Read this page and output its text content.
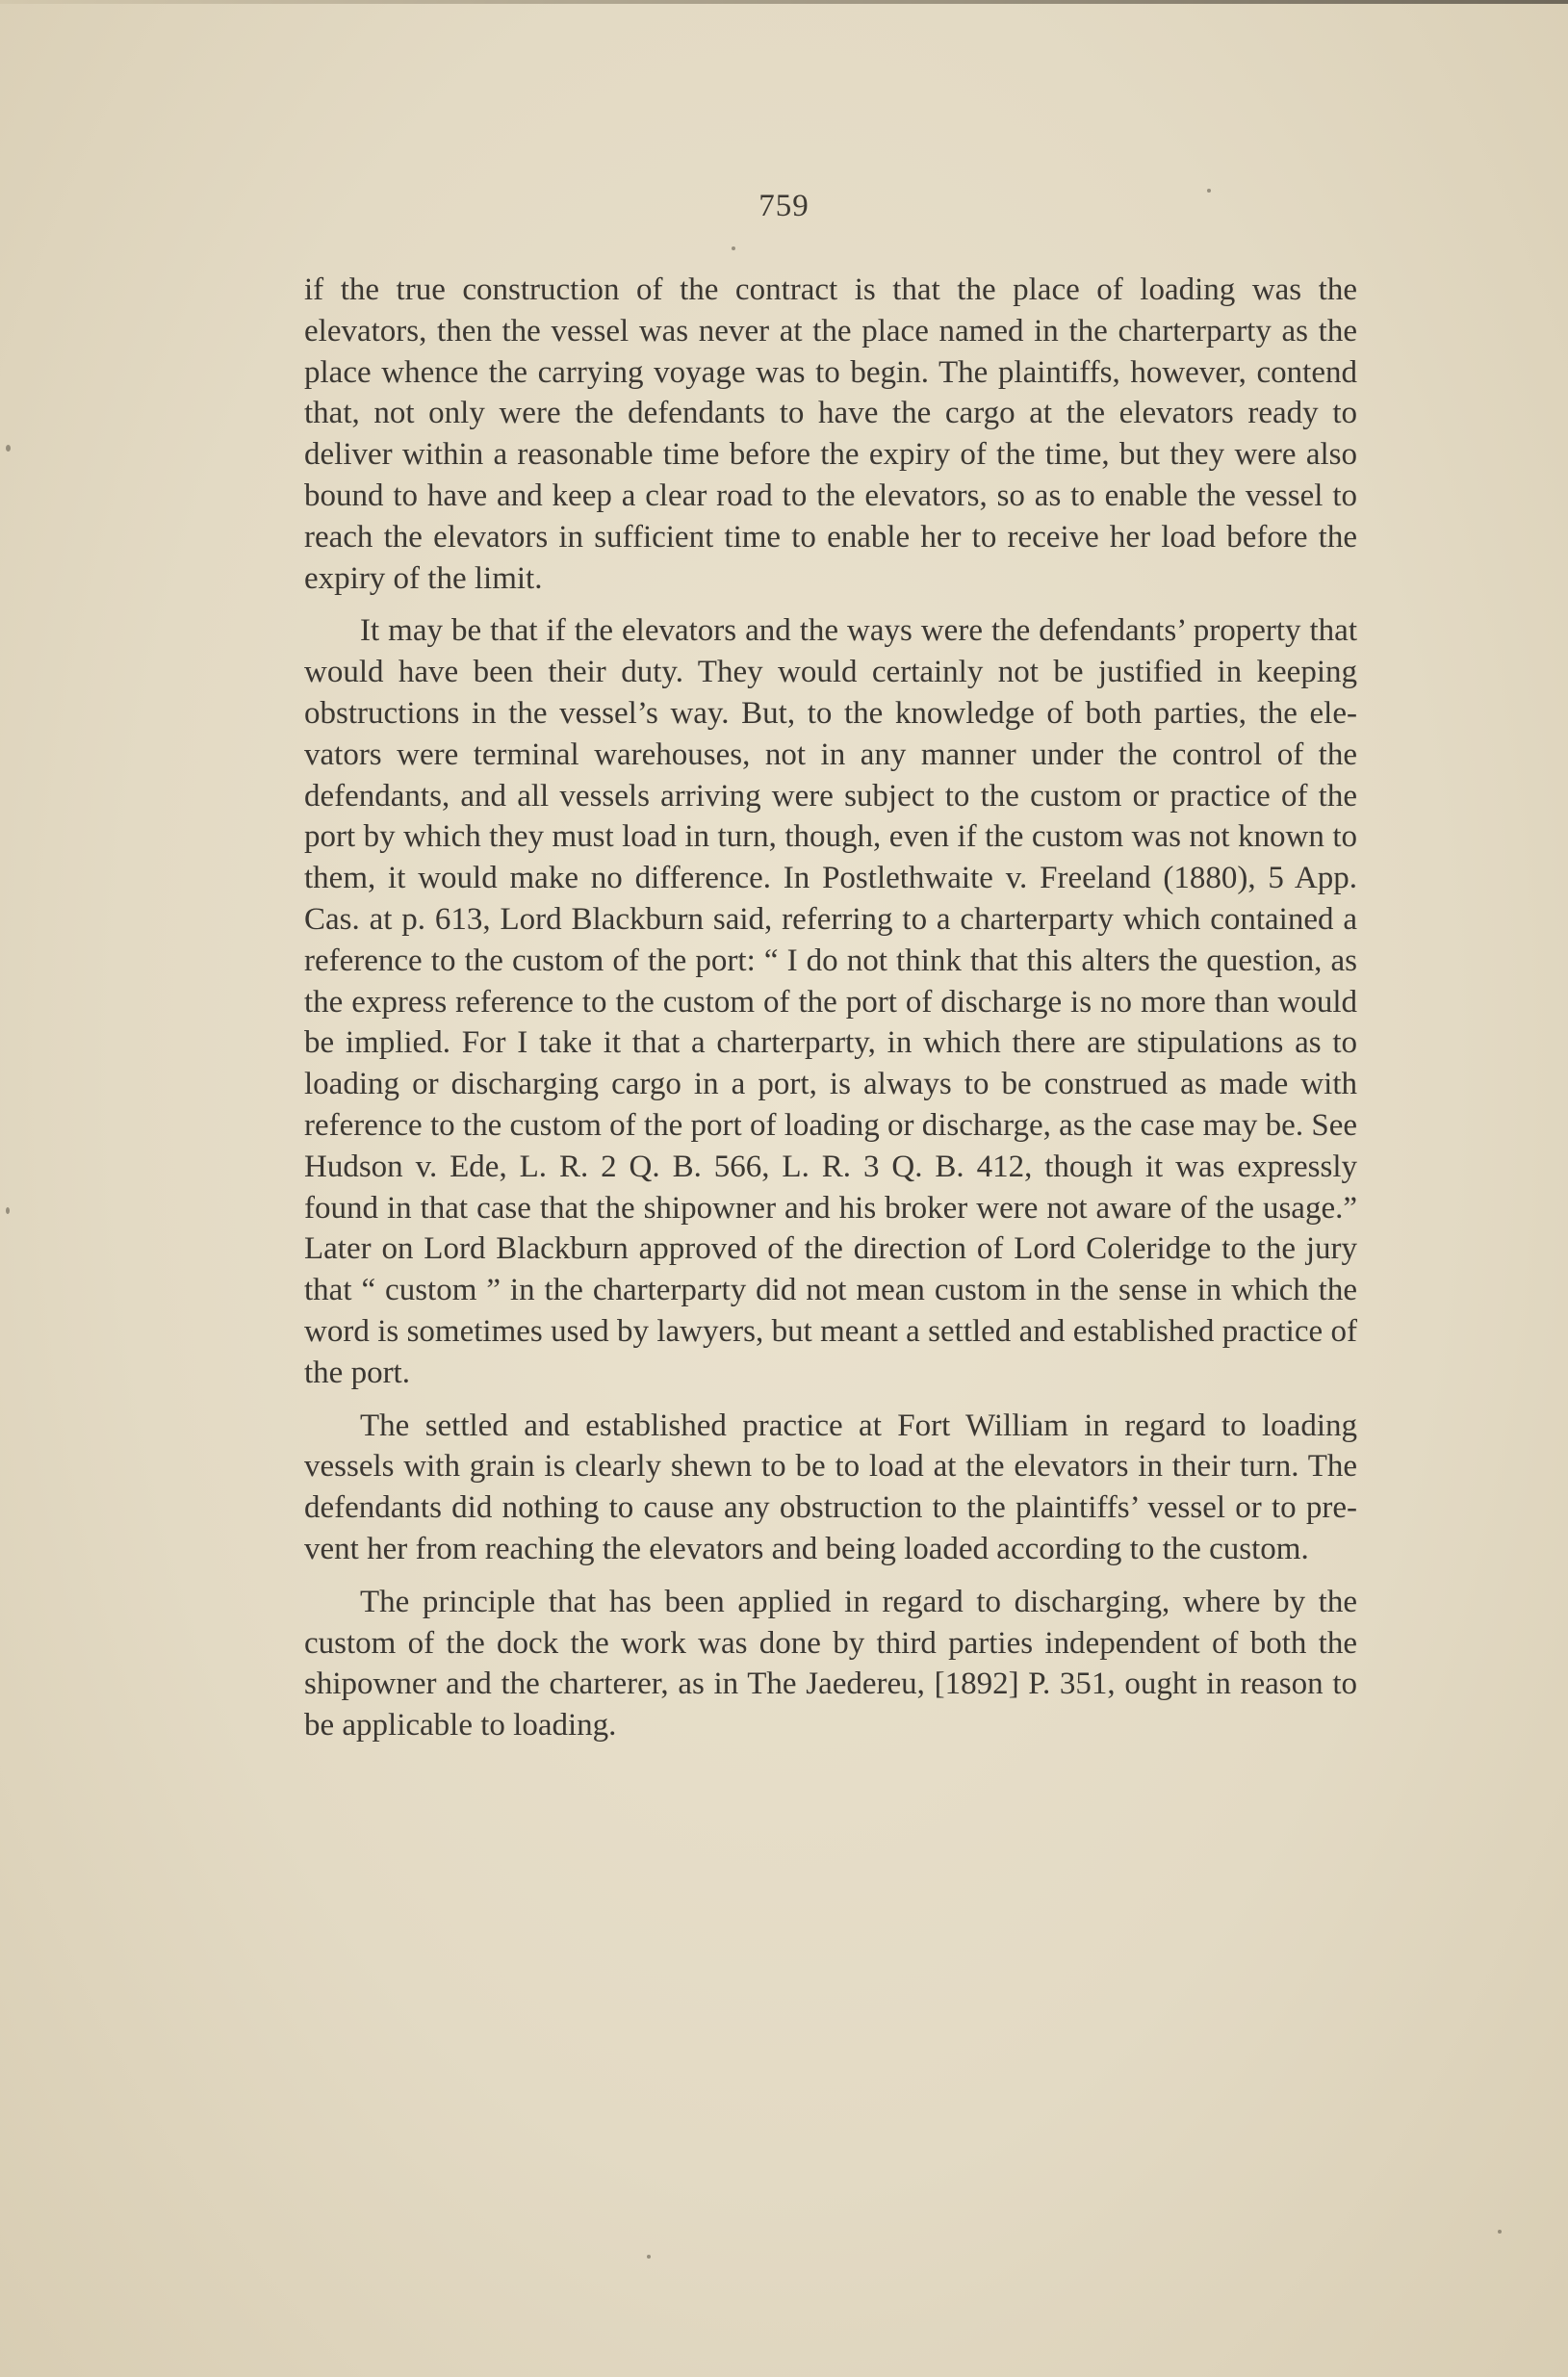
759

if the true construction of the contract is that the place of loading was the elevators, then the vessel was never at the place named in the charterparty as the place whence the carrying voyage was to begin. The plaintiffs, however, contend that, not only were the defendants to have the cargo at the elevators ready to deliver within a reasonable time before the expiry of the time, but they were also bound to have and keep a clear road to the elevators, so as to enable the vessel to reach the elevators in sufficient time to enable her to receive her load before the expiry of the limit.

It may be that if the elevators and the ways were the defendants’ property that would have been their duty. They would certainly not be justified in keeping obstructions in the vessel’s way. But, to the knowledge of both parties, the elevators were terminal warehouses, not in any manner under the control of the defendants, and all vessels arriving were subject to the custom or practice of the port by which they must load in turn, though, even if the custom was not known to them, it would make no difference. In Postlethwaite v. Freeland (1880), 5 App. Cas. at p. 613, Lord Blackburn said, referring to a charterparty which contained a reference to the custom of the port: “ I do not think that this alters the question, as the express reference to the custom of the port of discharge is no more than would be implied. For I take it that a charterparty, in which there are stipulations as to loading or discharging cargo in a port, is always to be construed as made with reference to the custom of the port of loading or discharge, as the case may be. See Hudson v. Ede, L. R. 2 Q. B. 566, L. R. 3 Q. B. 412, though it was expressly found in that case that the shipowner and his broker were not aware of the usage.” Later on Lord Blackburn approved of the direction of Lord Coleridge to the jury that “ custom ” in the charterparty did not mean custom in the sense in which the word is sometimes used by lawyers, but meant a settled and established practice of the port.

The settled and established practice at Fort William in regard to loading vessels with grain is clearly shewn to be to load at the elevators in their turn. The defendants did nothing to cause any obstruction to the plaintiffs’ vessel or to prevent her from reaching the elevators and being loaded according to the custom.

The principle that has been applied in regard to discharging, where by the custom of the dock the work was done by third parties independent of both the shipowner and the charterer, as in The Jaedereu, [1892] P. 351, ought in reason to be applicable to loading.
